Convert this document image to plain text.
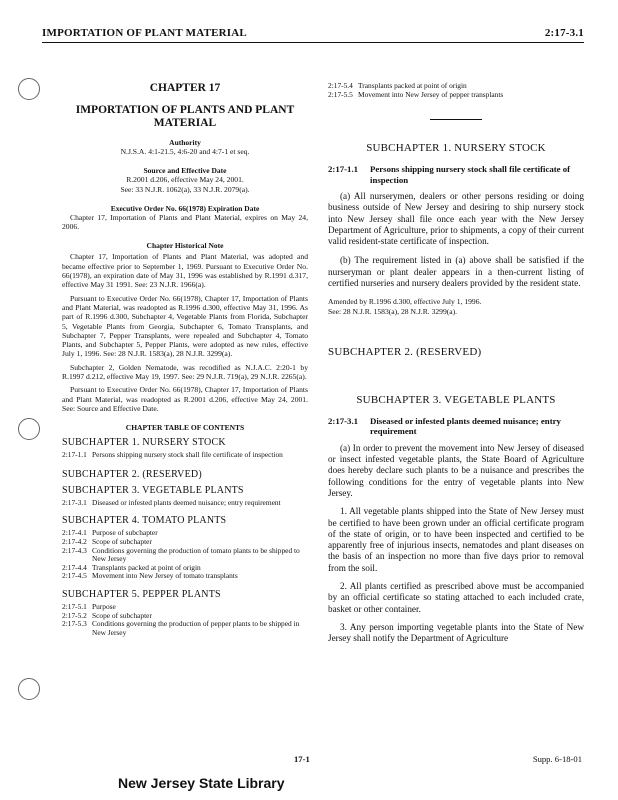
IMPORTATION OF PLANT MATERIAL	2:17-3.1
CHAPTER 17
IMPORTATION OF PLANTS AND PLANT MATERIAL
Authority
N.J.S.A. 4:1-21.5, 4:6-20 and 4:7-1 et seq.
Source and Effective Date
R.2001 d.206, effective May 24, 2001.
See: 33 N.J.R. 1062(a), 33 N.J.R. 2079(a).
Executive Order No. 66(1978) Expiration Date
Chapter 17, Importation of Plants and Plant Material, expires on May 24, 2006.
Chapter Historical Note

Chapter 17, Importation of Plants and Plant Material, was adopted and became effective prior to September 1, 1969. Pursuant to Executive Order No. 66(1978), an expiration date of May 31, 1996 was established by R.1991 d.317, effective May 31 1991. See: 23 N.J.R. 1966(a).

Pursuant to Executive Order No. 66(1978), Chapter 17, Importation of Plants and Plant Material, was readopted as R.1996 d.300, effective May 31, 1996. As part of R.1996 d.300, Subchapter 4, Vegetable Plants from Florida, Subchapter 5, Vegetable Plants from Georgia, Subchapter 6, Tomato Transplants, and Subchapter 7, Pepper Transplants, were repealed and Subchapter 4, Tomato Plants, and Subchapter 5, Pepper Plants, were adopted as new rules, effective July 1, 1996. See: 28 N.J.R. 1583(a), 28 N.J.R. 3299(a).

Subchapter 2, Golden Nematode, was recodified as N.J.A.C. 2:20-1 by R.1997 d.212, effective May 19, 1997. See: 29 N.J.R. 719(a), 29 N.J.R. 2265(a).

Pursuant to Executive Order No. 66(1978), Chapter 17, Importation of Plants and Plant Material, was readopted as R.2001 d.206, effective May 24, 2001. See: Source and Effective Date.

CHAPTER TABLE OF CONTENTS
SUBCHAPTER 1. NURSERY STOCK
2:17-1.1 Persons shipping nursery stock shall file certificate of inspection
SUBCHAPTER 2. (RESERVED)
SUBCHAPTER 3. VEGETABLE PLANTS
2:17-3.1 Diseased or infested plants deemed nuisance; entry requirement
SUBCHAPTER 4. TOMATO PLANTS
2:17-4.1 Purpose of subchapter
2:17-4.2 Scope of subchapter
2:17-4.3 Conditions governing the production of tomato plants to be shipped to New Jersey
2:17-4.4 Transplants packed at point of origin
2:17-4.5 Movement into New Jersey of tomato transplants
SUBCHAPTER 5. PEPPER PLANTS
2:17-5.1 Purpose
2:17-5.2 Scope of subchapter
2:17-5.3 Conditions governing the production of pepper plants to be shipped in New Jersey
2:17-5.4 Transplants packed at point of origin
2:17-5.5 Movement into New Jersey of pepper transplants
SUBCHAPTER 1. NURSERY STOCK
2:17-1.1	Persons shipping nursery stock shall file certificate of inspection

(a) All nurserymen, dealers or other persons residing or doing business outside of New Jersey and desiring to ship nursery stock into New Jersey shall file once each year with the New Jersey Department of Agriculture, prior to shipments, a copy of their current valid resident-state certificate of inspection.

(b) The requirement listed in (a) above shall be satisfied if the nurseryman or plant dealer appears in a then-current listing of certified nurseries and nursery dealers provided by the resident state.

Amended by R.1996 d.300, effective July 1, 1996.
See: 28 N.J.R. 1583(a), 28 N.J.R. 3299(a).
SUBCHAPTER 2. (RESERVED)
SUBCHAPTER 3. VEGETABLE PLANTS
2:17-3.1	Diseased or infested plants deemed nuisance; entry requirement

(a) In order to prevent the movement into New Jersey of diseased or insect infested vegetable plants, the State Board of Agriculture does hereby declare such plants to be a nuisance and prescribes the following conditions for the entry of vegetable plants into New Jersey.

1. All vegetable plants shipped into the State of New Jersey must be certified to have been grown under an official certificate program of the state of origin, or to have been inspected and certified to be apparently free of injurious insects, nematodes and plant diseases on the basis of an inspection no more than five days prior to removal from the soil.

2. All plants certified as prescribed above must be accompanied by an official certificate so stating attached to each included crate, basket or other container.

3. Any person importing vegetable plants into the State of New Jersey shall notify the Department of Agriculture

17-1	Supp. 6-18-01
New Jersey State Library
